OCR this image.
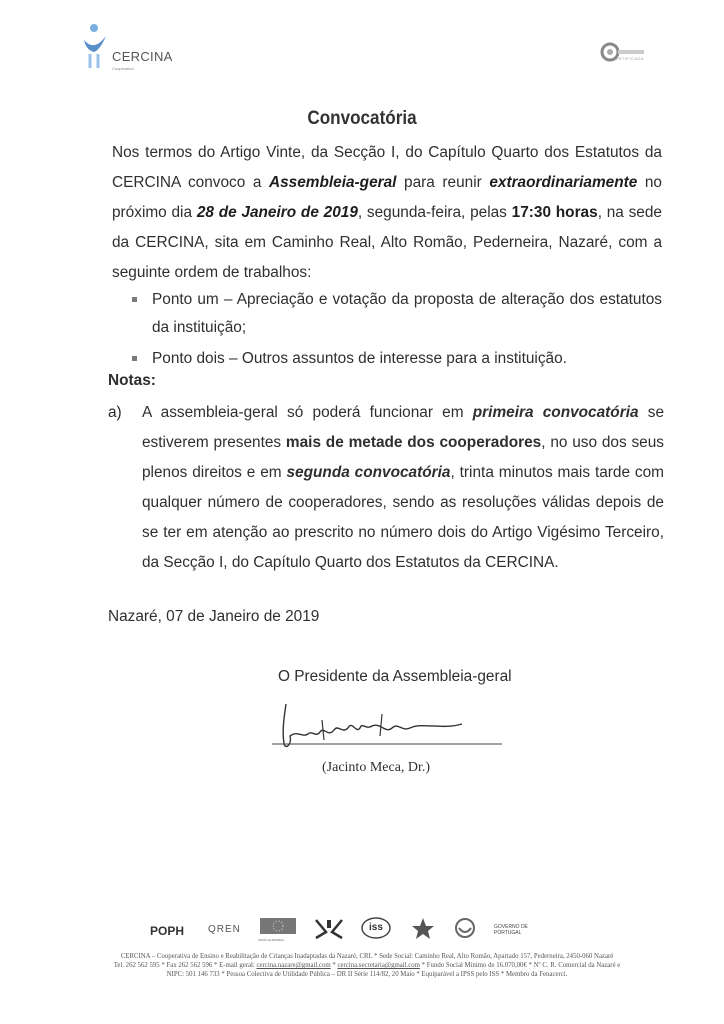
CERCINA
Cooperativa
CERTIFICADA
Convocatória

Nos termos do Artigo Vinte, da Secção I, do Capítulo Quarto dos Estatutos da CERCINA convoco a Assembleia-geral para reunir extraordinariamente no próximo dia 28 de Janeiro de 2019, segunda-feira, pelas 17:30 horas, na sede da CERCINA, sita em Caminho Real, Alto Romão, Pederneira, Nazaré, com a seguinte ordem de trabalhos:

Ponto um – Apreciação e votação da proposta de alteração dos estatutos da instituição;
Ponto dois – Outros assuntos de interesse para a instituição.

Notas:

a) A assembleia-geral só poderá funcionar em primeira convocatória se estiverem presentes mais de metade dos cooperadores, no uso dos seus plenos direitos e em segunda convocatória, trinta minutos mais tarde com qualquer número de cooperadores, sendo as resoluções válidas depois de se ter em atenção ao prescrito no número dois do Artigo Vigésimo Terceiro, da Secção I, do Capítulo Quarto dos Estatutos da CERCINA.
Nazaré, 07 de Janeiro de 2019
O Presidente da Assembleia-geral
(Jacinto Meca, Dr.)
POPH QREN
UNIÃO EUROPEIA
iss	GOVERNO DE PORTUGAL
CERCINA – Cooperativa de Ensino e Reabilitação de Crianças Inadaptadas da Nazaré, CRL * Sede Social: Caminho Real, Alto Romão, Apartado 157, Pederneira, 2450-060 Nazaré
Tel. 262 562 595 * Fax 262 562 596 * E-mail geral: cercina.nazare@gmail.com * cercina.secretaria@gmail.com * Fundo Social Mínimo de 16.070,00€ * Nº C. R. Comercial da Nazaré e
NIPC: 501 146 733 * Pessoa Colectiva de Utilidade Pública – DR II Série 114/82, 20 Maio * Equiparável a IPSS pelo ISS * Membro da Fenacerci.
